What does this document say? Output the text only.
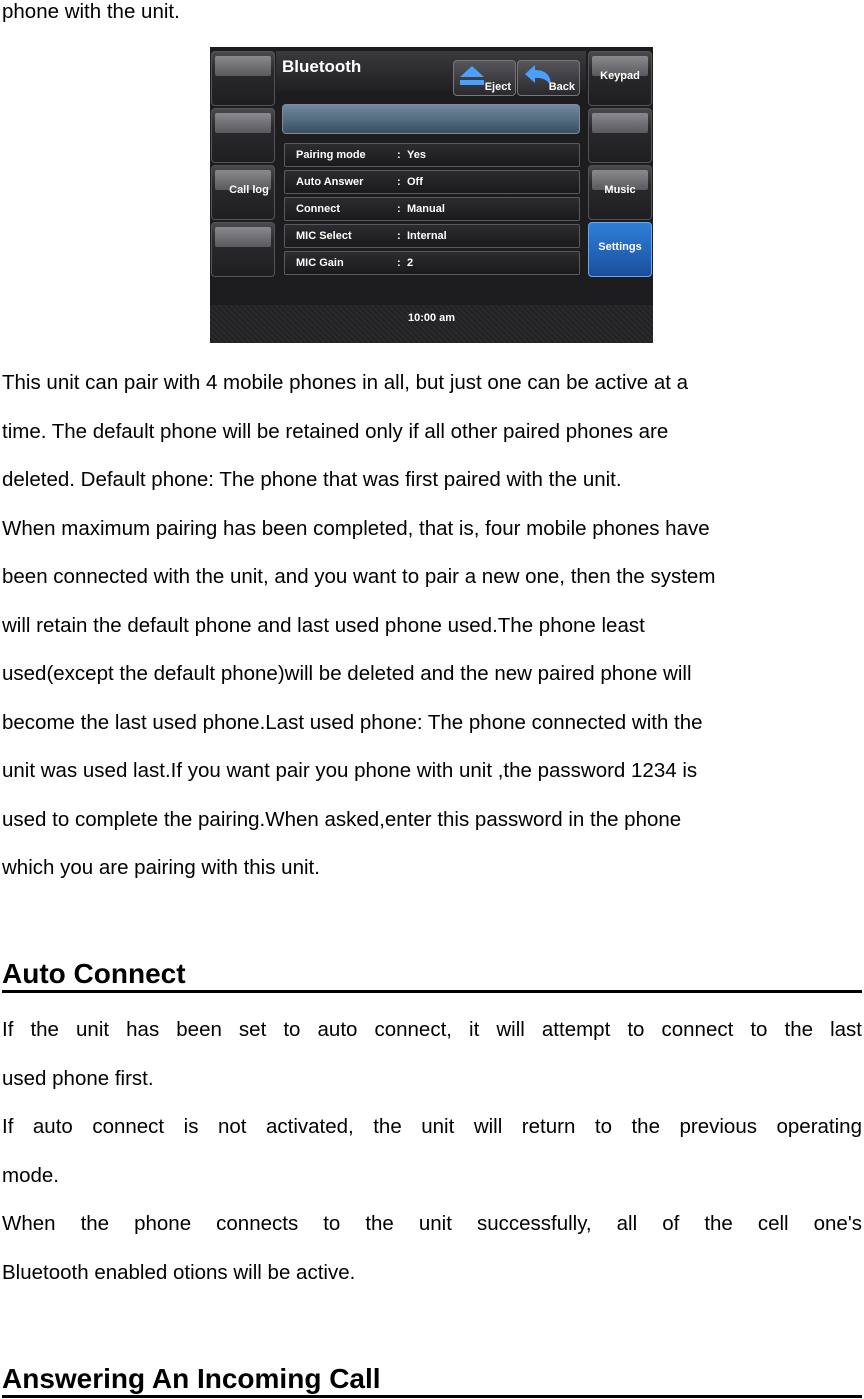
phone with the unit.
Call log
Bluetooth
Eject	Back
Keypad
Music
Settings
Pairing mode	: Yes
Auto Answer	: Off
Connect	: Manual
MIC Select	: Internal
MIC Gain	: 2
10:00 am
This unit can pair with 4 mobile phones in all, but just one can be active at a
time. The default phone will be retained only if all other paired phones are
deleted. Default phone: The phone that was first paired with the unit.
When maximum pairing has been completed, that is, four mobile phones have
been connected with the unit, and you want to pair a new one, then the system
will retain the default phone and last used phone used.The phone least
used(except the default phone)will be deleted and the new paired phone will
become the last used phone.Last used phone: The phone connected with the
unit was used last.If you want pair you phone with unit ,the password 1234 is
used to complete the pairing.When asked,enter this password in the phone
which you are pairing with this unit.
Auto Connect
If the unit has been set to auto connect, it will attempt to connect to the last
used phone first.
If auto connect is not activated, the unit will return to the previous operating
mode.
When the phone connects to the unit successfully, all of the cell one's
Bluetooth enabled otions will be active.
Answering An Incoming Call
